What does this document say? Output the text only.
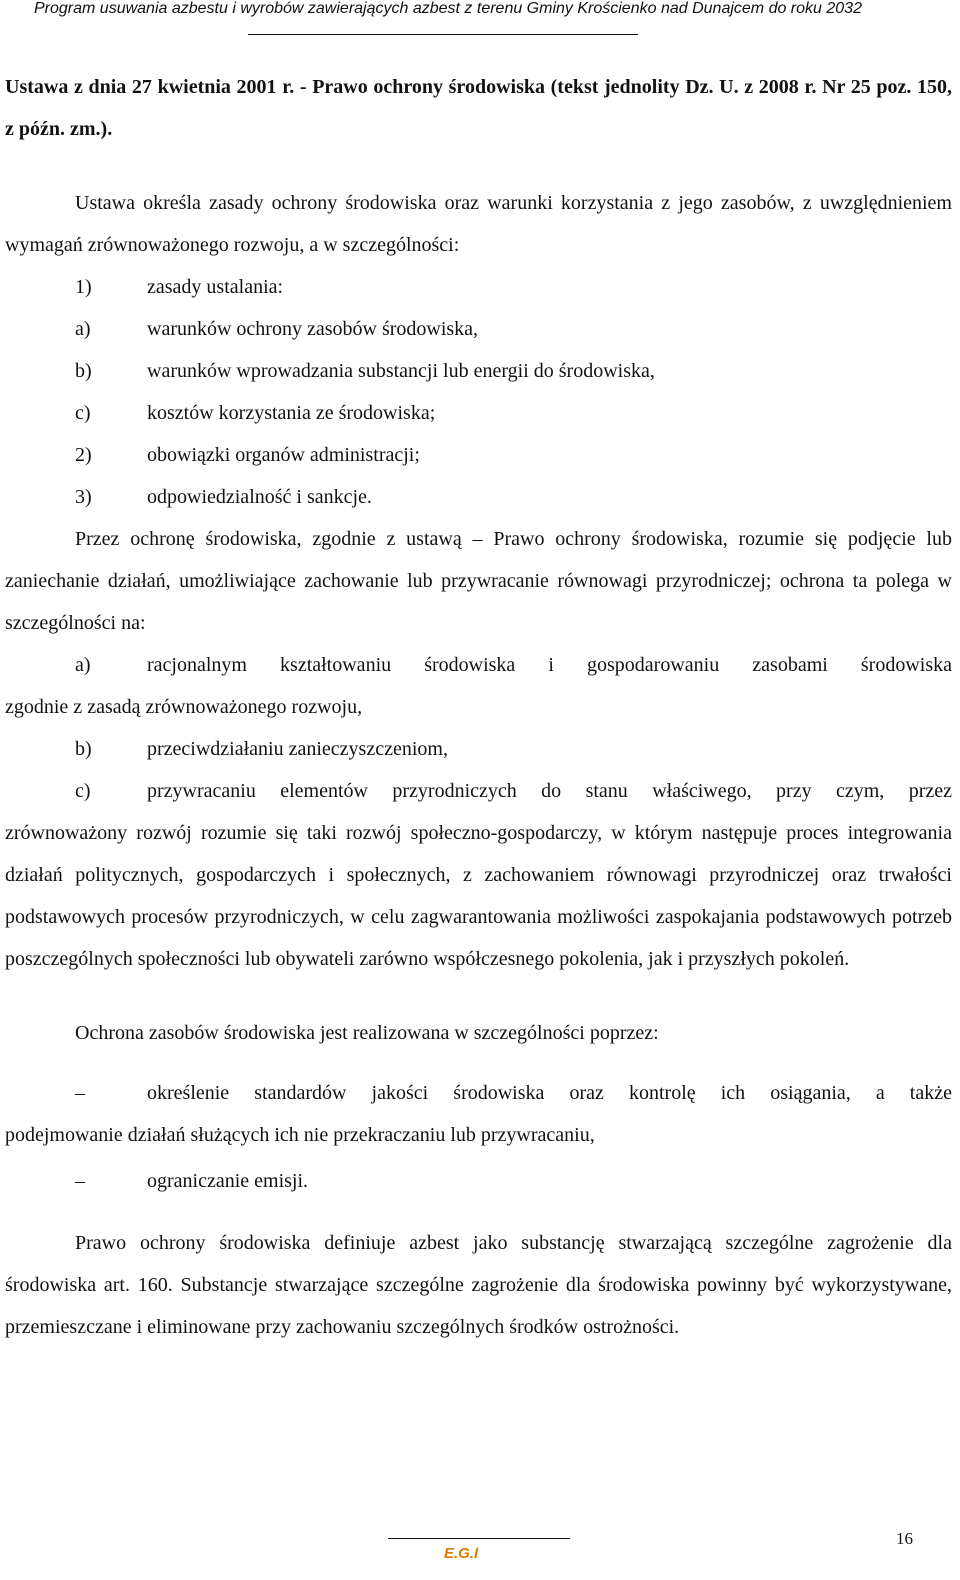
Program usuwania azbestu i wyrobów zawierających azbest z terenu Gminy Krościenko nad Dunajcem do roku 2032

Ustawa z dnia 27 kwietnia 2001 r. - Prawo ochrony środowiska (tekst jednolity Dz. U. z 2008 r. Nr 25 poz. 150, z późn. zm.).

Ustawa określa zasady ochrony środowiska oraz warunki korzystania z jego zasobów, z uwzględnieniem wymagań zrównoważonego rozwoju, a w szczególności:

1)	zasady ustalania:
a)	warunków ochrony zasobów środowiska,
b)	warunków wprowadzania substancji lub energii do środowiska,
c)	kosztów korzystania ze środowiska;
2)	obowiązki organów administracji;
3)	odpowiedzialność i sankcje.

Przez ochronę środowiska, zgodnie z ustawą – Prawo ochrony środowiska, rozumie się podjęcie lub zaniechanie działań, umożliwiające zachowanie lub przywracanie równowagi przyrodniczej; ochrona ta polega w szczególności na:

a)	racjonalnym kształtowaniu środowiska i gospodarowaniu zasobami środowiska

zgodnie z zasadą zrównoważonego rozwoju,

b)	przeciwdziałaniu zanieczyszczeniom,

c)	przywracaniu elementów przyrodniczych do stanu właściwego, przy czym, przez

zrównoważony rozwój rozumie się taki rozwój społeczno-gospodarczy, w którym następuje proces integrowania działań politycznych, gospodarczych i społecznych, z zachowaniem równowagi przyrodniczej oraz trwałości podstawowych procesów przyrodniczych, w celu zagwarantowania możliwości zaspokajania podstawowych potrzeb poszczególnych społeczności lub obywateli zarówno współczesnego pokolenia, jak i przyszłych pokoleń.

Ochrona zasobów środowiska jest realizowana w szczególności poprzez:

–	określenie standardów jakości środowiska oraz kontrolę ich osiągania, a także

podejmowanie działań służących ich nie przekraczaniu lub przywracaniu,

–	ograniczanie emisji.

Prawo ochrony środowiska definiuje azbest jako substancję stwarzającą szczególne zagrożenie dla środowiska art. 160. Substancje stwarzające szczególne zagrożenie dla środowiska powinny być wykorzystywane, przemieszczane i eliminowane przy zachowaniu szczególnych środków ostrożności.

E.G.I
16
